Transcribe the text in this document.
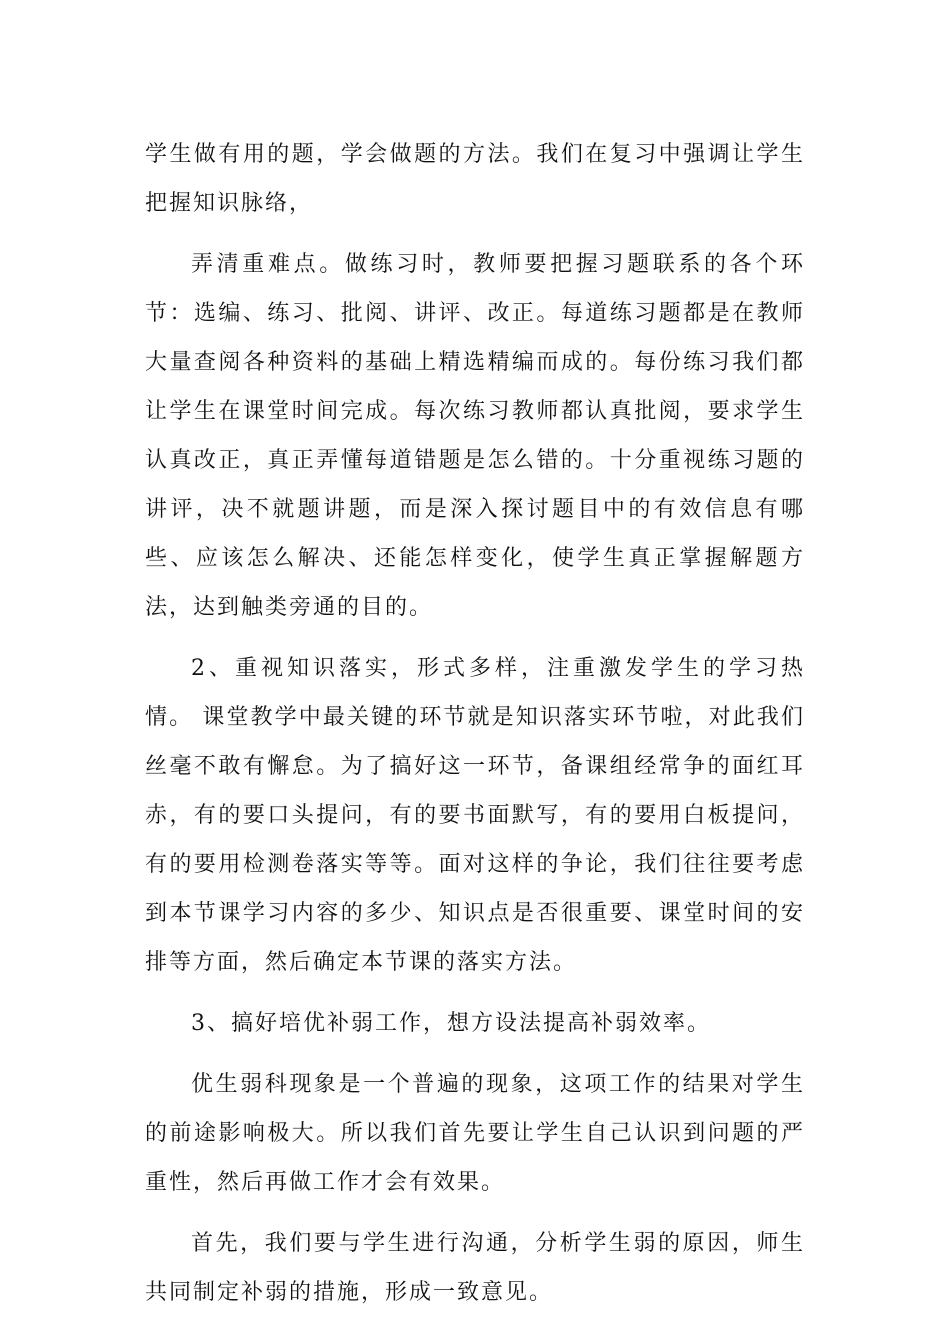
学生做有用的题，学会做题的方法。我们在复习中强调让学生把握知识脉络，

弄清重难点。做练习时，教师要把握习题联系的各个环节：选编、练习、批阅、讲评、改正。每道练习题都是在教师大量查阅各种资料的基础上精选精编而成的。每份练习我们都让学生在课堂时间完成。每次练习教师都认真批阅，要求学生认真改正，真正弄懂每道错题是怎么错的。十分重视练习题的讲评，决不就题讲题，而是深入探讨题目中的有效信息有哪些、应该怎么解决、还能怎样变化，使学生真正掌握解题方法，达到触类旁通的目的。

2、重视知识落实，形式多样，注重激发学生的学习热情。 课堂教学中最关键的环节就是知识落实环节啦，对此我们丝毫不敢有懈怠。为了搞好这一环节，备课组经常争的面红耳赤，有的要口头提问，有的要书面默写，有的要用白板提问，有的要用检测卷落实等等。面对这样的争论，我们往往要考虑到本节课学习内容的多少、知识点是否很重要、课堂时间的安排等方面，然后确定本节课的落实方法。

3、搞好培优补弱工作，想方设法提高补弱效率。

优生弱科现象是一个普遍的现象，这项工作的结果对学生的前途影响极大。所以我们首先要让学生自己认识到问题的严重性，然后再做工作才会有效果。

首先，我们要与学生进行沟通，分析学生弱的原因，师生共同制定补弱的措施，形成一致意见。
